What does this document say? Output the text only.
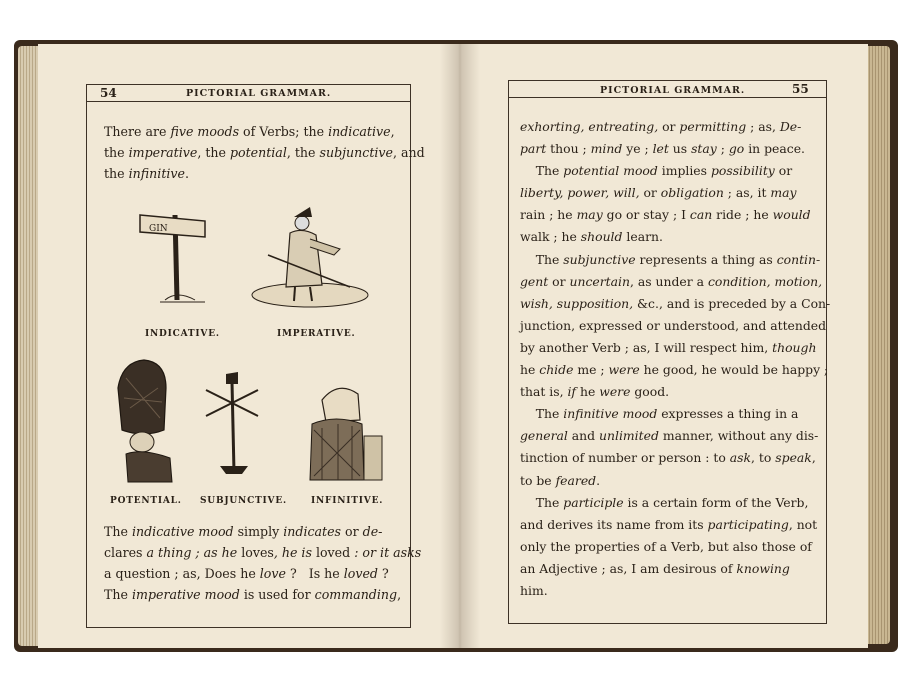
54	PICTORIAL GRAMMAR.

There are five moods of Verbs; the indicative,

the imperative, the potential, the subjunctive, and

the infinitive.

GIN
INDICATIVE.	IMPERATIVE.
POTENTIAL. SUBJUNCTIVE.	INFINITIVE.

The indicative mood simply indicates or de-

clares a thing ; as he loves, he is loved : or it asks

a question ; as, Does he love ?   Is he loved ?

The imperative mood is used for commanding,

PICTORIAL GRAMMAR.	55

exhorting, entreating, or permitting ; as, De-

part thou ; mind ye ; let us stay ; go in peace.

The potential mood implies possibility or

liberty, power, will, or obligation ; as, it may

rain ; he may go or stay ; I can ride ; he would

walk ; he should learn.

The subjunctive represents a thing as contin-

gent or uncertain, as under a condition, motion,

wish, supposition, &c., and is preceded by a Con-

junction, expressed or understood, and attended

by another Verb ; as, I will respect him, though

he chide me ; were he good, he would be happy ;

that is, if he were good.

The infinitive mood expresses a thing in a

general and unlimited manner, without any dis-

tinction of number or person : to ask, to speak,

to be feared.

The participle is a certain form of the Verb,

and derives its name from its participating, not

only the properties of a Verb, but also those of

an Adjective ; as, I am desirous of knowing

him.
